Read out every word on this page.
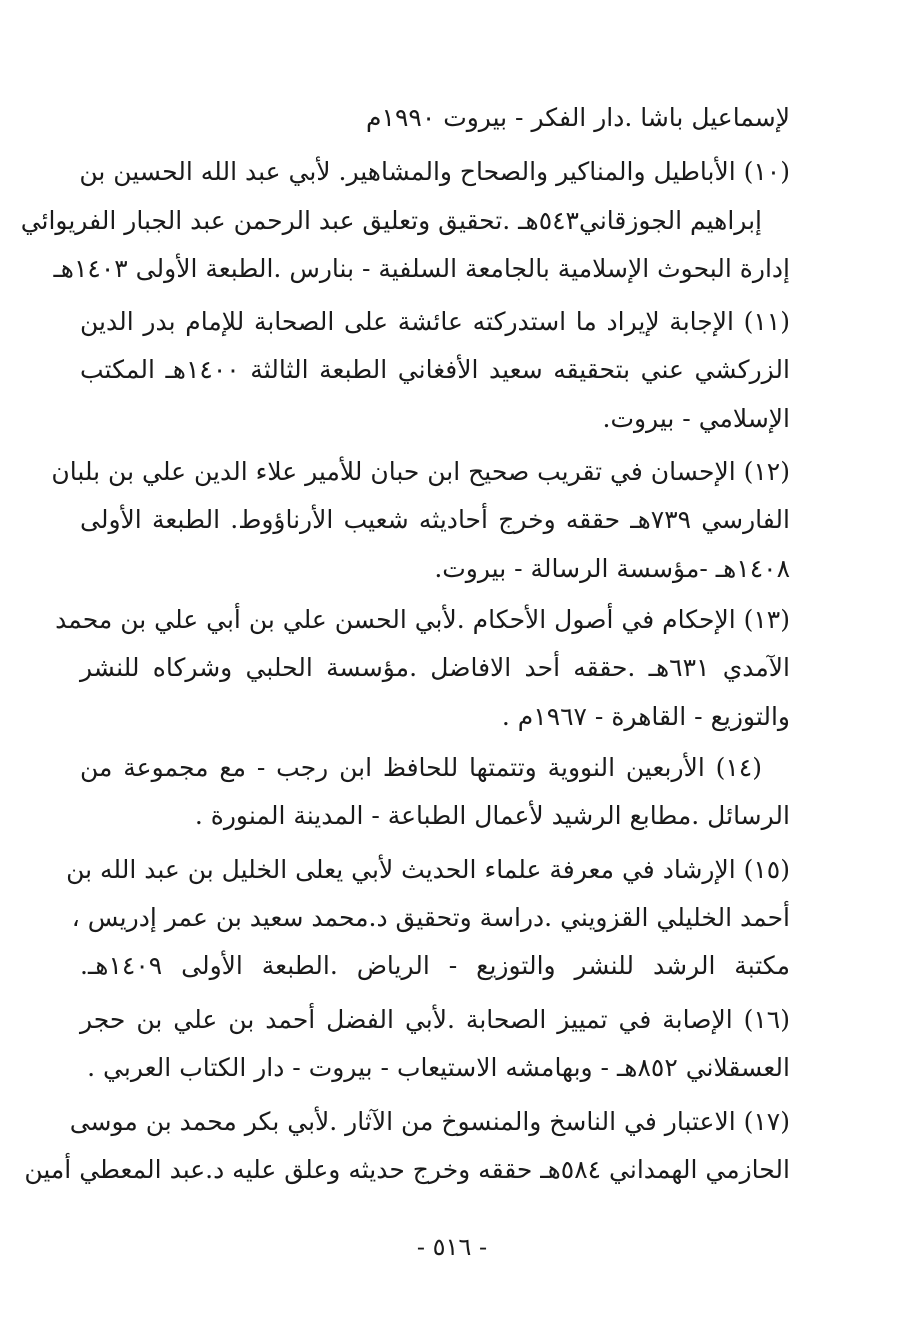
لإسماعيل باشا .دار الفكر - بيروت ١٩٩٠م
(١٠) الأباطيل والمناكير والصحاح والمشاهير. لأبي عبد الله الحسين بن
إبراهيم الجوزقاني٥٤٣هـ .تحقيق وتعليق عبد الرحمن عبد الجبار الفريوائي
إدارة البحوث الإسلامية بالجامعة السلفية - بنارس .الطبعة الأولى ١٤٠٣هـ
(١١) الإجابة لإيراد ما استدركته عائشة على الصحابة للإمام بدر الدين
الزركشي عني بتحقيقه سعيد الأفغاني الطبعة الثالثة ١٤٠٠هـ المكتب
الإسلامي - بيروت.
(١٢) الإحسان في تقريب صحيح ابن حبان للأمير علاء الدين علي بن بلبان
الفارسي ٧٣٩هـ حققه وخرج أحاديثه شعيب الأرناؤوط. الطبعة الأولى
١٤٠٨هـ -مؤسسة الرسالة - بيروت.
(١٣) الإحكام في أصول الأحكام .لأبي الحسن علي بن أبي علي بن محمد
الآمدي ٦٣١هـ .حققه أحد الافاضل .مؤسسة الحلبي وشركاه للنشر
والتوزيع - القاهرة - ١٩٦٧م .
(١٤) الأربعين النووية وتتمتها للحافظ ابن رجب - مع مجموعة من
الرسائل .مطابع الرشيد لأعمال الطباعة - المدينة المنورة .
(١٥) الإرشاد في معرفة علماء الحديث لأبي يعلى الخليل بن عبد الله بن
أحمد الخليلي القزويني .دراسة وتحقيق د.محمد سعيد بن عمر إدريس ،
مكتبة الرشد للنشر والتوزيع - الرياض .الطبعة الأولى ١٤٠٩هـ.
(١٦) الإصابة في تمييز الصحابة .لأبي الفضل أحمد بن علي بن حجر
العسقلاني ٨٥٢هـ - وبهامشه الاستيعاب - بيروت - دار الكتاب العربي .
(١٧) الاعتبار في الناسخ والمنسوخ من الآثار .لأبي بكر محمد بن موسى
الحازمي الهمداني ٥٨٤هـ حققه وخرج حديثه وعلق عليه د.عبد المعطي أمين
- ٥١٦ -
